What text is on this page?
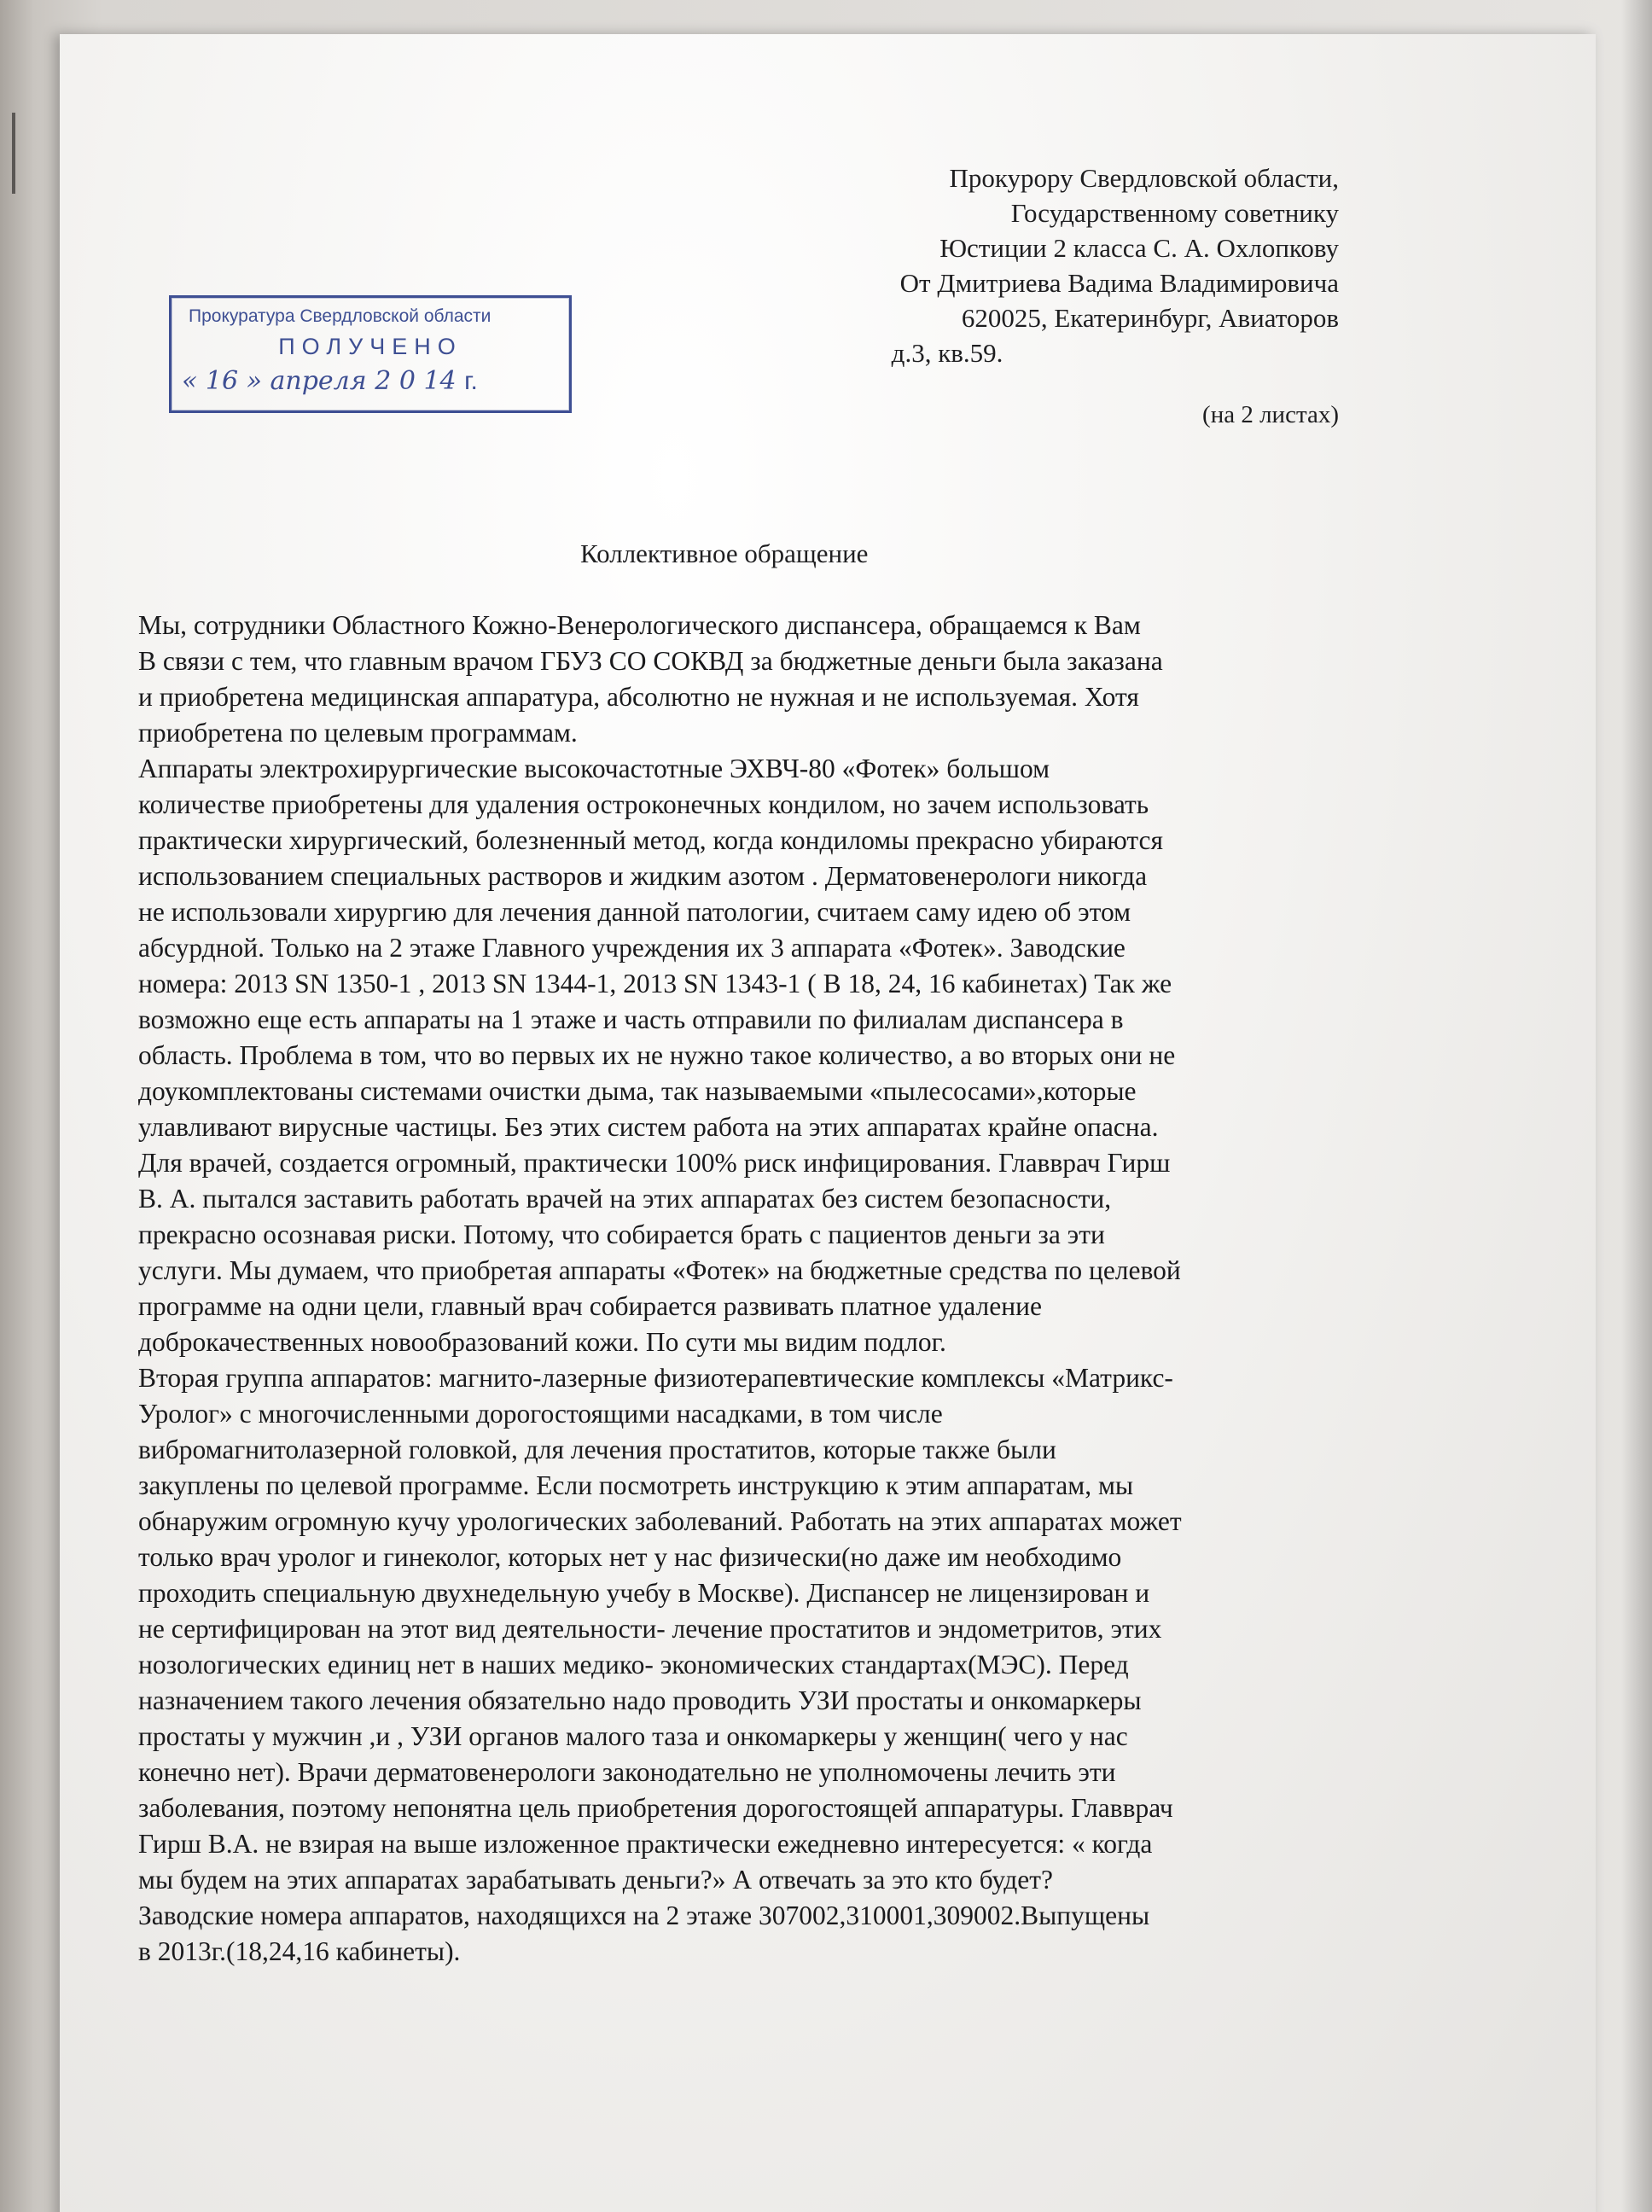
Прокурору Свердловской области,
Государственному советнику
Юстиции 2 класса С. А. Охлопкову
От Дмитриева Вадима Владимировича
620025, Екатеринбург, Авиаторов
д.3, кв.59.
Прокуратура Свердловской области
ПОЛУЧЕНО
« 16 » апреля 2 0 14 г.
(на 2 листах)
Коллективное обращение
Мы, сотрудники Областного Кожно-Венерологического диспансера, обращаемся к Вам
В связи с тем, что главным врачом ГБУЗ СО СОКВД за бюджетные деньги была заказана
и приобретена медицинская аппаратура, абсолютно не нужная и не используемая. Хотя
приобретена по целевым программам.
Аппараты электрохирургические высокочастотные ЭХВЧ-80 «Фотек» большом
количестве приобретены для удаления остроконечных кондилом, но зачем использовать
практически хирургический, болезненный метод, когда кондиломы прекрасно убираются
использованием специальных растворов и жидким азотом . Дерматовенерологи никогда
не использовали хирургию для лечения данной патологии, считаем саму идею об этом
абсурдной. Только на 2 этаже Главного учреждения их 3 аппарата «Фотек». Заводские
номера: 2013 SN 1350-1 , 2013 SN 1344-1, 2013 SN 1343-1 ( В 18, 24, 16 кабинетах) Так же
возможно еще есть аппараты на 1 этаже и часть отправили по филиалам диспансера в
область. Проблема в том, что во первых их не нужно такое количество, а во вторых они не
доукомплектованы системами очистки дыма, так называемыми «пылесосами»,которые
улавливают вирусные частицы. Без этих систем работа на этих аппаратах крайне опасна.
Для врачей, создается огромный, практически 100% риск инфицирования. Главврач Гирш
В. А. пытался заставить работать врачей на этих аппаратах без систем безопасности,
прекрасно осознавая риски. Потому, что собирается брать с пациентов деньги за эти
услуги. Мы думаем, что приобретая аппараты «Фотек» на бюджетные средства по целевой
программе на одни цели, главный врач собирается развивать платное удаление
доброкачественных новообразований кожи. По сути мы видим подлог.
Вторая группа аппаратов: магнито-лазерные физиотерапевтические комплексы «Матрикс-
Уролог» с многочисленными дорогостоящими насадками, в том числе
вибромагнитолазерной головкой, для лечения простатитов, которые также были
закуплены по целевой программе. Если посмотреть инструкцию к этим аппаратам, мы
обнаружим огромную кучу урологических заболеваний. Работать на этих аппаратах может
только врач уролог и гинеколог, которых нет у нас физически(но даже им необходимо
проходить специальную двухнедельную учебу в Москве). Диспансер не лицензирован и
не сертифицирован на этот вид деятельности- лечение простатитов и эндометритов, этих
нозологических единиц нет в наших медико- экономических стандартах(МЭС). Перед
назначением такого лечения обязательно надо проводить УЗИ простаты и онкомаркеры
простаты у мужчин ,и , УЗИ органов малого таза и онкомаркеры у женщин( чего у нас
конечно нет). Врачи дерматовенерологи законодательно не уполномочены лечить эти
заболевания, поэтому непонятна цель приобретения дорогостоящей аппаратуры. Главврач
Гирш В.А. не взирая на выше изложенное практически ежедневно интересуется: « когда
мы будем на этих аппаратах зарабатывать деньги?» А отвечать за это кто будет?
Заводские номера аппаратов, находящихся на 2 этаже 307002,310001,309002.Выпущены
в 2013г.(18,24,16 кабинеты).
